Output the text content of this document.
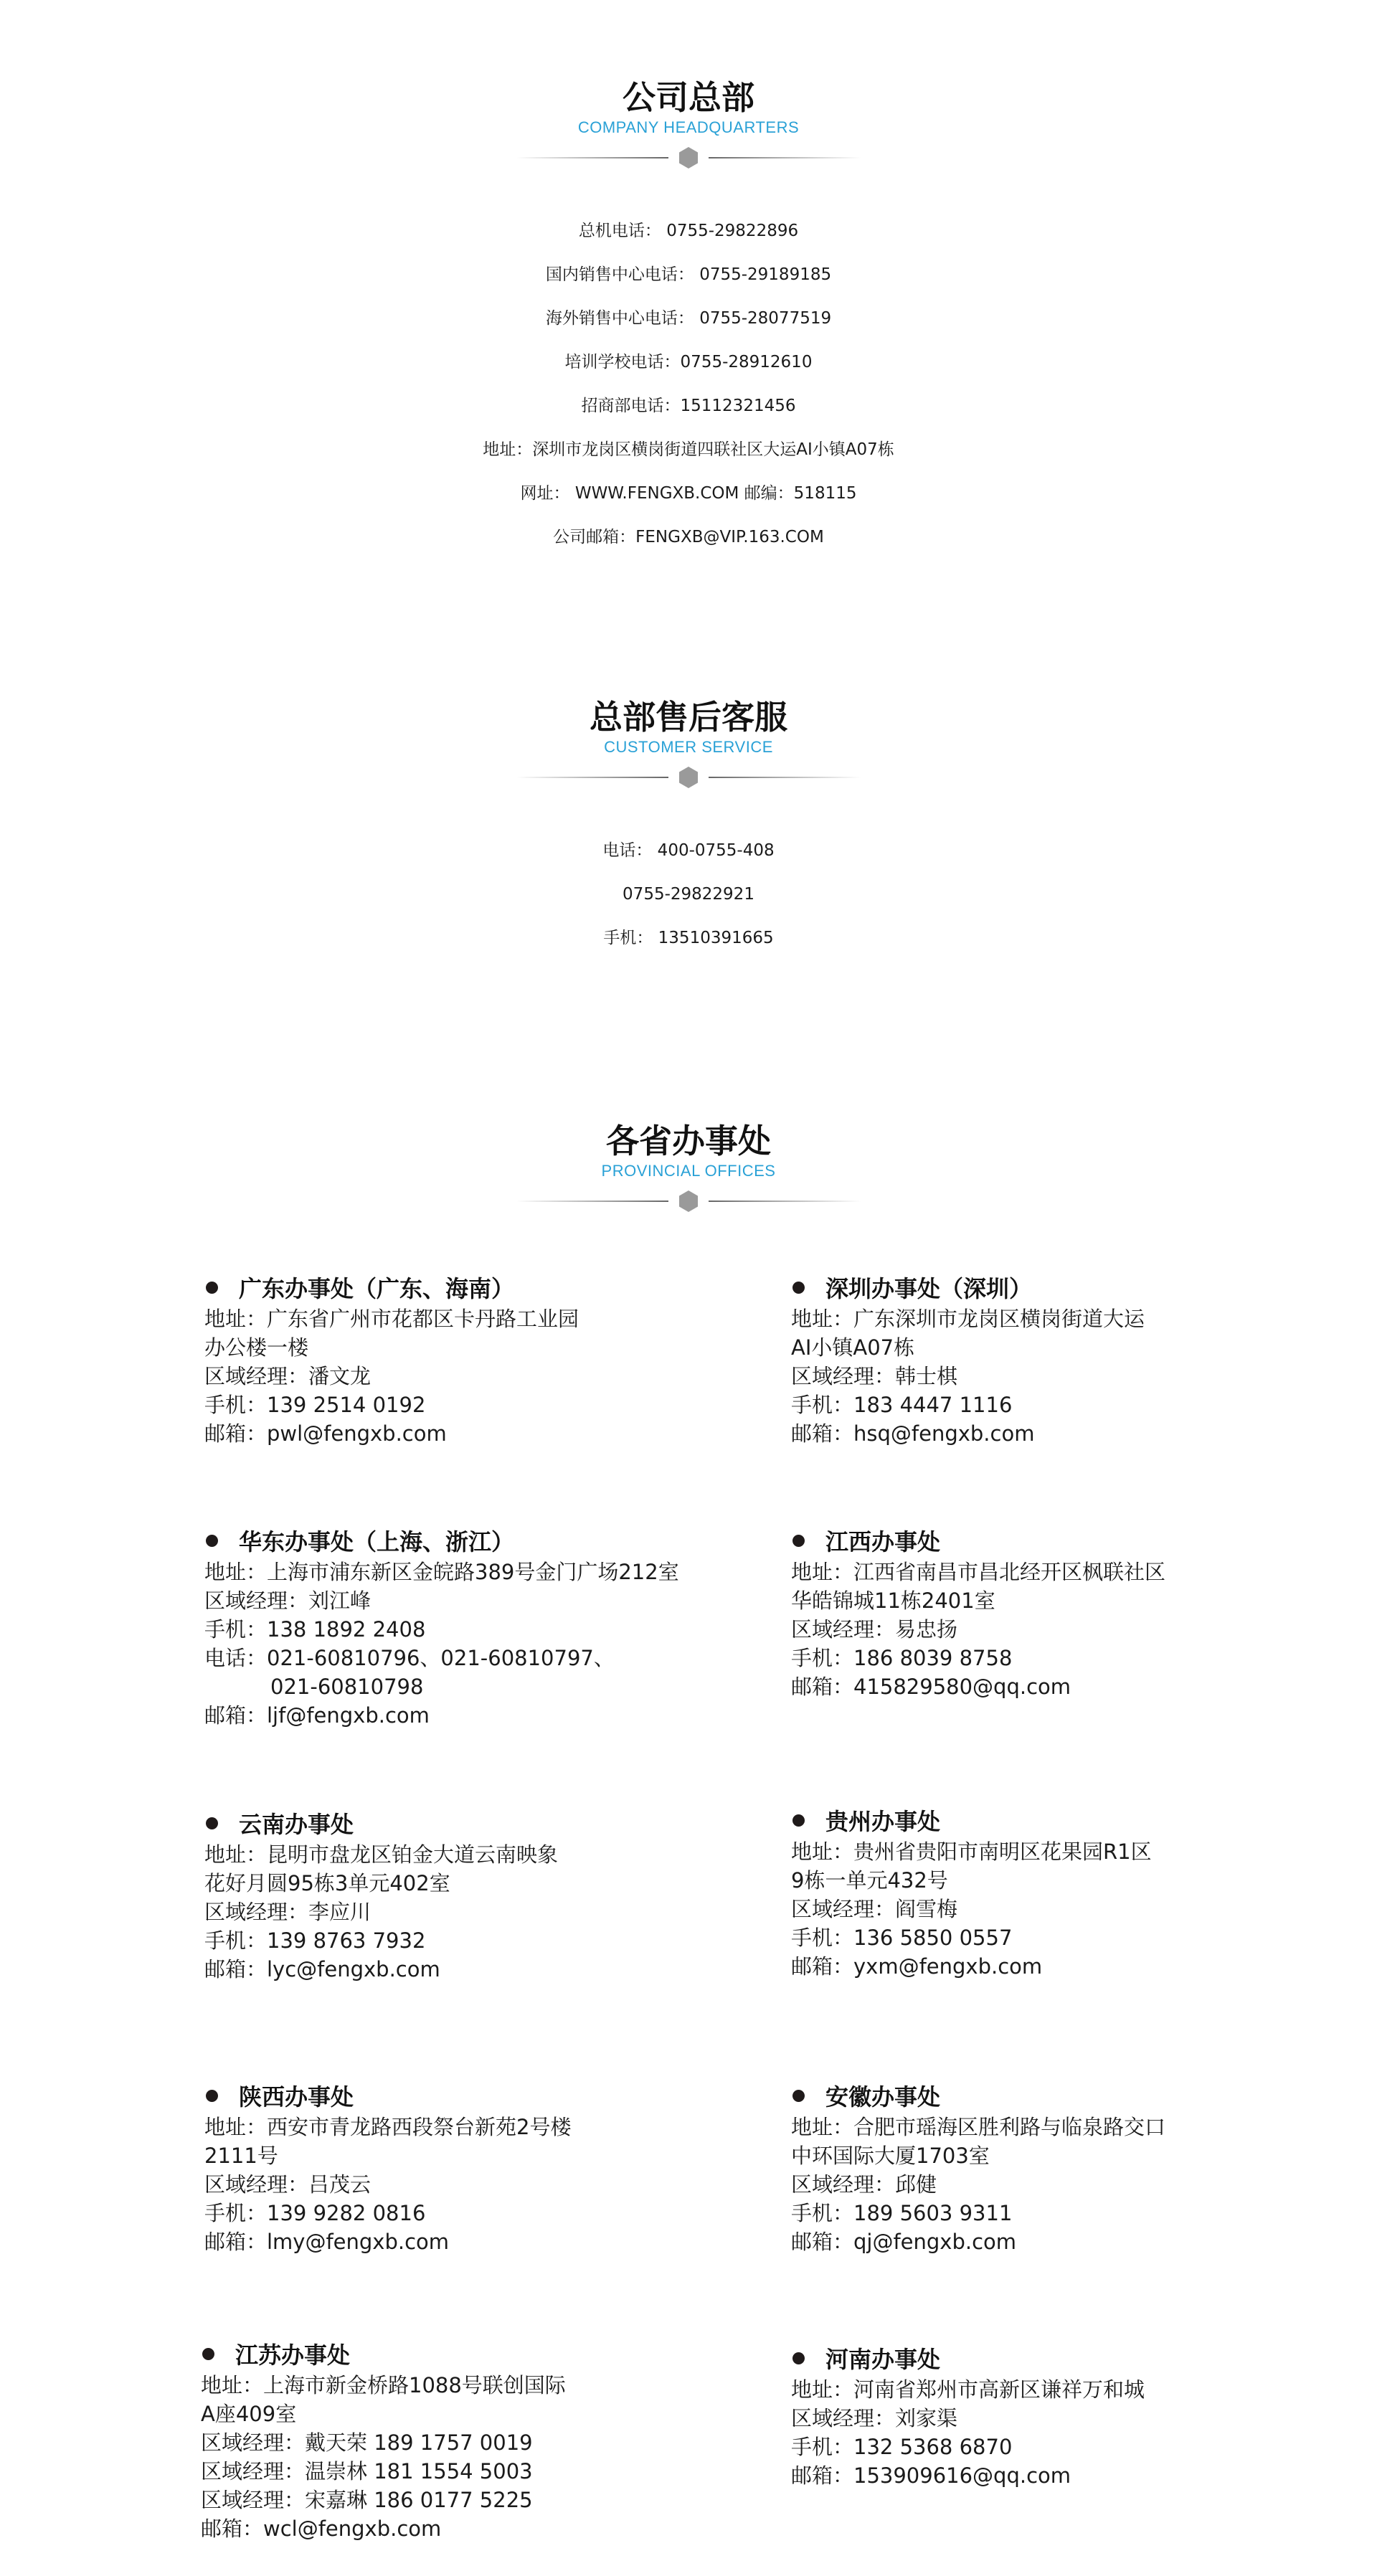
公司总部
COMPANY HEADQUARTERS
总机电话： 0755-29822896
国内销售中心电话： 0755-29189185
海外销售中心电话： 0755-28077519
培训学校电话：0755-28912610
招商部电话：15112321456
地址：深圳市龙岗区横岗街道四联社区大运AI小镇A07栋
网址： WWW.FENGXB.COM 邮编：518115
公司邮箱：FENGXB@VIP.163.COM
总部售后客服
CUSTOMER SERVICE
电话： 400-0755-408
0755-29822921
手机： 13510391665
各省办事处
PROVINCIAL OFFICES
广东办事处（广东、海南）
地址：广东省广州市花都区卡丹路工业园
办公楼一楼
区域经理：潘文龙
手机：139 2514 0192
邮箱：pwl@fengxb.com
深圳办事处（深圳）
地址：广东深圳市龙岗区横岗街道大运
AI小镇A07栋
区域经理：韩士棋
手机：183 4447 1116
邮箱：hsq@fengxb.com
华东办事处（上海、浙江）
地址：上海市浦东新区金皖路389号金门广场212室
区域经理：刘江峰
手机：138 1892 2408
电话：021-60810796、021-60810797、
021-60810798
邮箱：ljf@fengxb.com
江西办事处
地址：江西省南昌市昌北经开区枫联社区
华皓锦城11栋2401室
区域经理：易忠扬
手机：186 8039 8758
邮箱：415829580@qq.com
云南办事处
地址：昆明市盘龙区铂金大道云南映象
花好月圆95栋3单元402室
区域经理：李应川
手机：139 8763 7932
邮箱：lyc@fengxb.com
贵州办事处
地址：贵州省贵阳市南明区花果园R1区
9栋一单元432号
区域经理：阎雪梅
手机：136 5850 0557
邮箱：yxm@fengxb.com
陕西办事处
地址：西安市青龙路西段祭台新苑2号楼
2111号
区域经理：吕茂云
手机：139 9282 0816
邮箱：lmy@fengxb.com
安徽办事处
地址：合肥市瑶海区胜利路与临泉路交口
中环国际大厦1703室
区域经理：邱健
手机：189 5603 9311
邮箱：qj@fengxb.com
江苏办事处
地址：上海市新金桥路1088号联创国际
A座409室
区域经理：戴天荣 189 1757 0019
区域经理：温崇林 181 1554 5003
区域经理：宋嘉琳 186 0177 5225
邮箱：wcl@fengxb.com
河南办事处
地址：河南省郑州市高新区谦祥万和城
区域经理：刘家渠
手机：132 5368 6870
邮箱：153909616@qq.com
